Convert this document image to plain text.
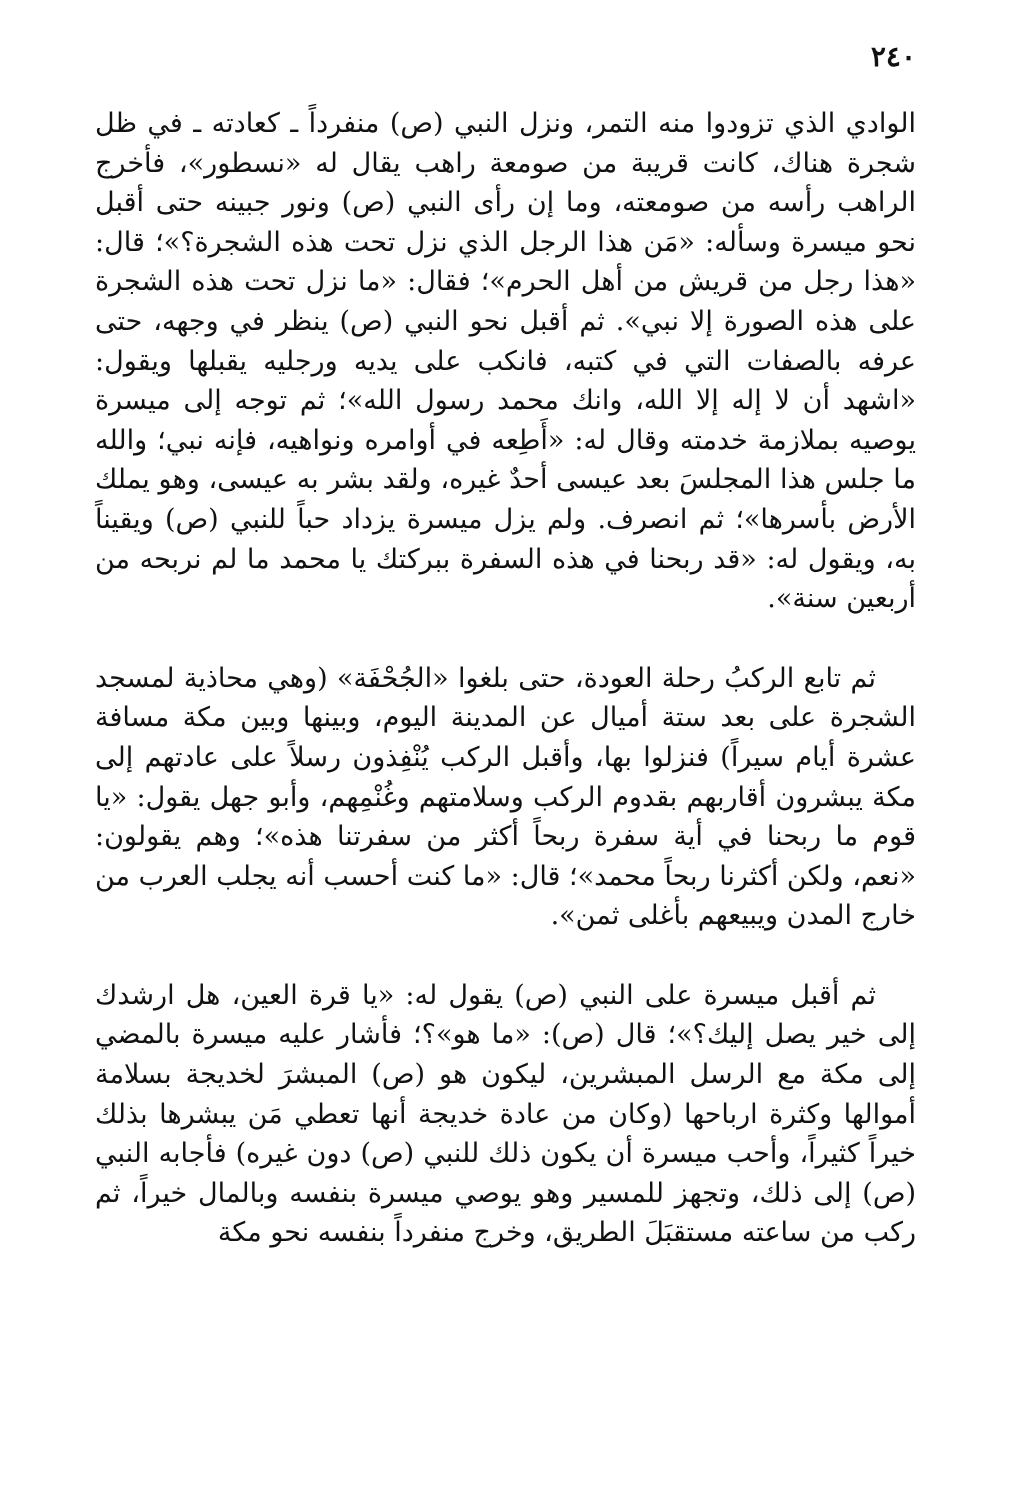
٢٤٠

الوادي الذي تزودوا منه التمر، ونزل النبي (ص) منفرداً ـ كعادته ـ في ظل شجرة هناك، كانت قريبة من صومعة راهب يقال له «نسطور»، فأخرج الراهب رأسه من صومعته، وما إن رأى النبي (ص) ونور جبينه حتى أقبل نحو ميسرة وسأله: «مَن هذا الرجل الذي نزل تحت هذه الشجرة؟»؛ قال: «هذا رجل من قريش من أهل الحرم»؛ فقال: «ما نزل تحت هذه الشجرة على هذه الصورة إلا نبي». ثم أقبل نحو النبي (ص) ينظر في وجهه، حتى عرفه بالصفات التي في كتبه، فانكب على يديه ورجليه يقبلها ويقول: «اشهد أن لا إله إلا الله، وانك محمد رسول الله»؛ ثم توجه إلى ميسرة يوصيه بملازمة خدمته وقال له: «أَطِعه في أوامره ونواهيه، فإنه نبي؛ والله ما جلس هذا المجلسَ بعد عيسى أحدٌ غيره، ولقد بشر به عيسى، وهو يملك الأرض بأسرها»؛ ثم انصرف. ولم يزل ميسرة يزداد حباً للنبي (ص) ويقيناً به، ويقول له: «قد ربحنا في هذه السفرة ببركتك يا محمد ما لم نربحه من أربعين سنة».

ثم تابع الركبُ رحلة العودة، حتى بلغوا «الجُحْفَة» (وهي محاذية لمسجد الشجرة على بعد ستة أميال عن المدينة اليوم، وبينها وبين مكة مسافة عشرة أيام سيراً) فنزلوا بها، وأقبل الركب يُنْفِذون رسلاً على عادتهم إلى مكة يبشرون أقاربهم بقدوم الركب وسلامتهم وغُنْمِهم، وأبو جهل يقول: «يا قوم ما ربحنا في أية سفرة ربحاً أكثر من سفرتنا هذه»؛ وهم يقولون: «نعم، ولكن أكثرنا ربحاً محمد»؛ قال: «ما كنت أحسب أنه يجلب العرب من خارج المدن ويبيعهم بأغلى ثمن».

ثم أقبل ميسرة على النبي (ص) يقول له: «يا قرة العين، هل ارشدك إلى خير يصل إليك؟»؛ قال (ص): «ما هو»؟؛ فأشار عليه ميسرة بالمضي إلى مكة مع الرسل المبشرين، ليكون هو (ص) المبشرَ لخديجة بسلامة أموالها وكثرة ارباحها (وكان من عادة خديجة أنها تعطي مَن يبشرها بذلك خيراً كثيراً، وأحب ميسرة أن يكون ذلك للنبي (ص) دون غيره) فأجابه النبي (ص) إلى ذلك، وتجهز للمسير وهو يوصي ميسرة بنفسه وبالمال خيراً، ثم ركب من ساعته مستقبَلَ الطريق، وخرج منفرداً بنفسه نحو مكة
